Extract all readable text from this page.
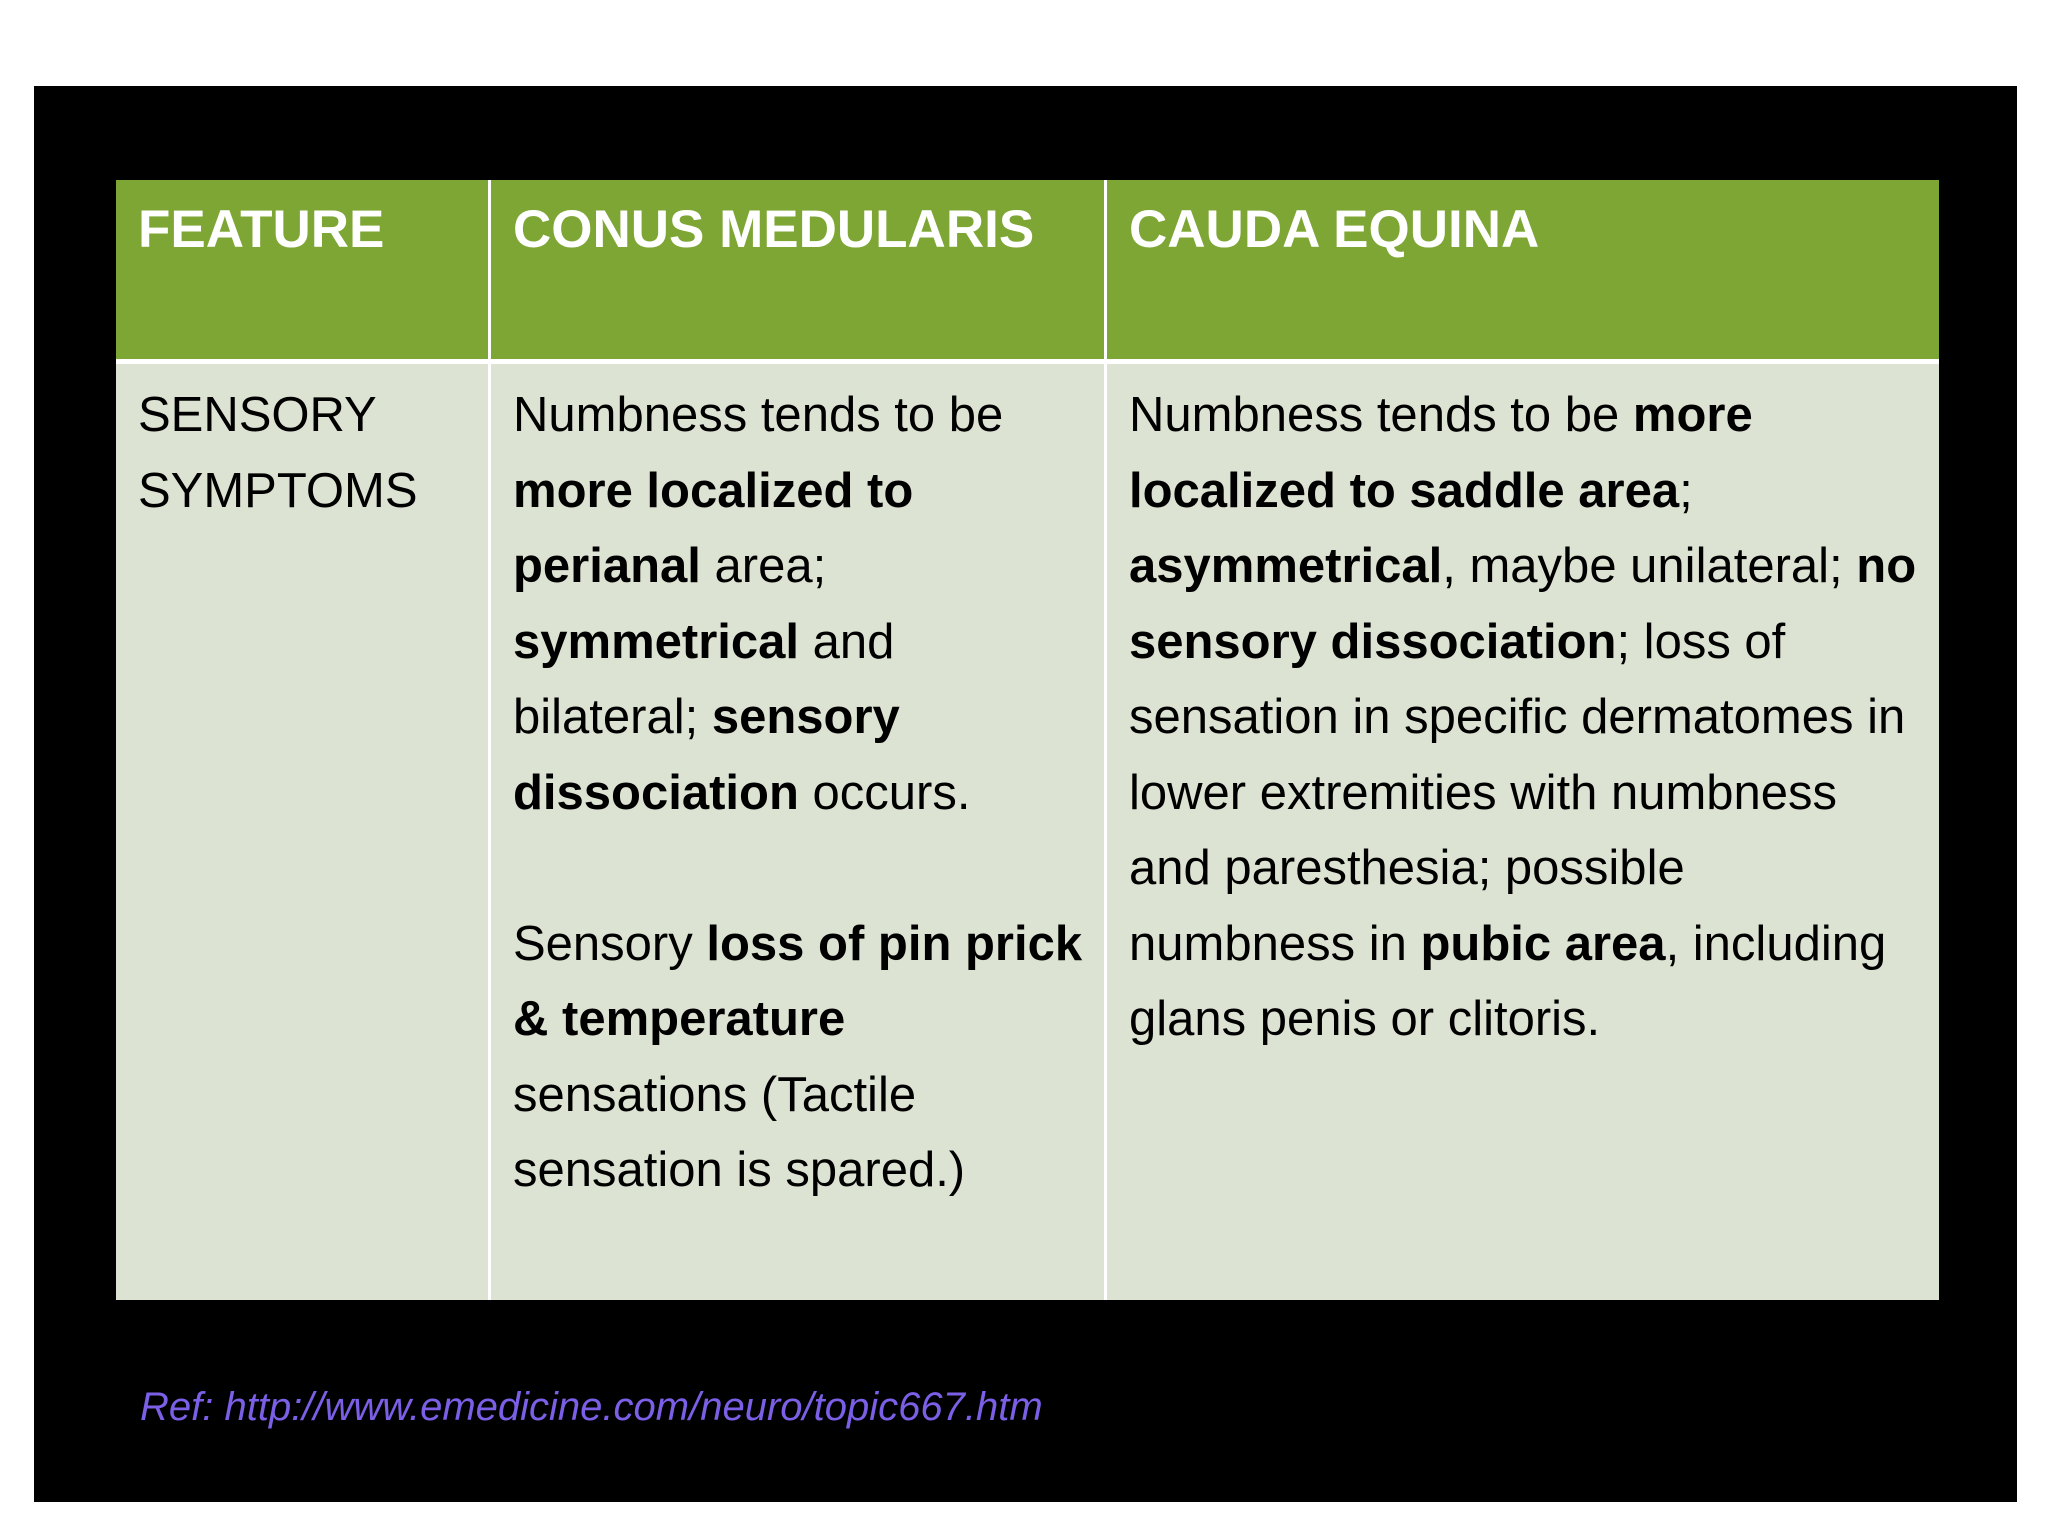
FEATURE	CONUS MEDULARIS	CAUDA EQUINA
SENSORY SYMPTOMS
Numbness tends to be more localized to perianal area; symmetrical and bilateral; sensory dissociation occurs.
Sensory loss of pin prick & temperature sensations (Tactile sensation is spared.)
Numbness tends to be more localized to saddle area; asymmetrical, maybe unilateral; no sensory dissociation; loss of sensation in specific dermatomes in lower extremities with numbness and paresthesia; possible numbness in pubic area, including glans penis or clitoris.
Ref: http://www.emedicine.com/neuro/topic667.htm
